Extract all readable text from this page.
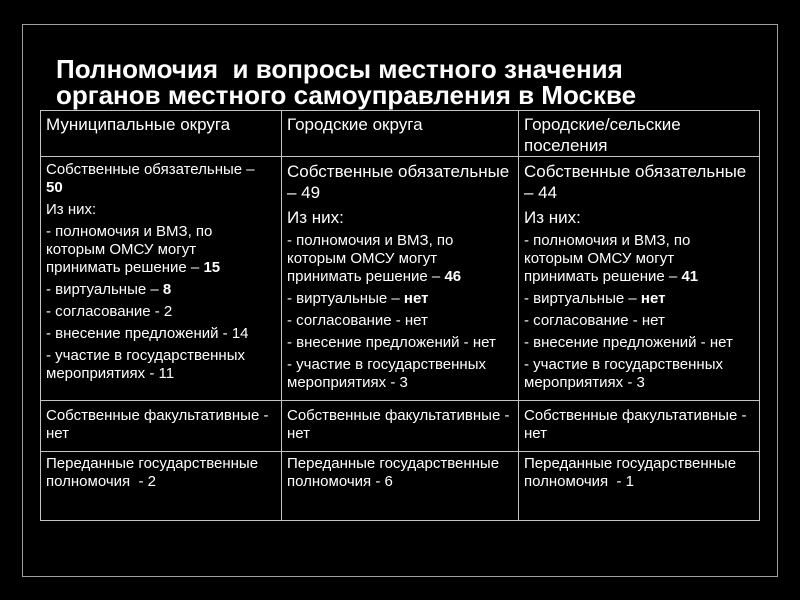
Полномочия  и вопросы местного значения
органов местного самоуправления в Москве
Муниципальные округа	Городские округа	Городские/сельские
поселения
Собственные обязательные –
50
Из них:
- полномочия и ВМЗ, по
которым ОМСУ могут
принимать решение – 15
- виртуальные – 8
- согласование - 2
- внесение предложений - 14
- участие в государственных
мероприятиях - 11
Собственные обязательные
– 49
Из них:
- полномочия и ВМЗ, по
которым ОМСУ могут
принимать решение – 46
- виртуальные – нет
- согласование - нет
- внесение предложений - нет
- участие в государственных
мероприятиях - 3
Собственные обязательные
– 44
Из них:
- полномочия и ВМЗ, по
которым ОМСУ могут
принимать решение – 41
- виртуальные – нет
- согласование - нет
- внесение предложений - нет
- участие в государственных
мероприятиях - 3
Собственные факультативные -
нет
Собственные факультативные -
нет
Собственные факультативные -
нет
Переданные государственные
полномочия  - 2
Переданные государственные
полномочия - 6
Переданные государственные
полномочия  - 1
